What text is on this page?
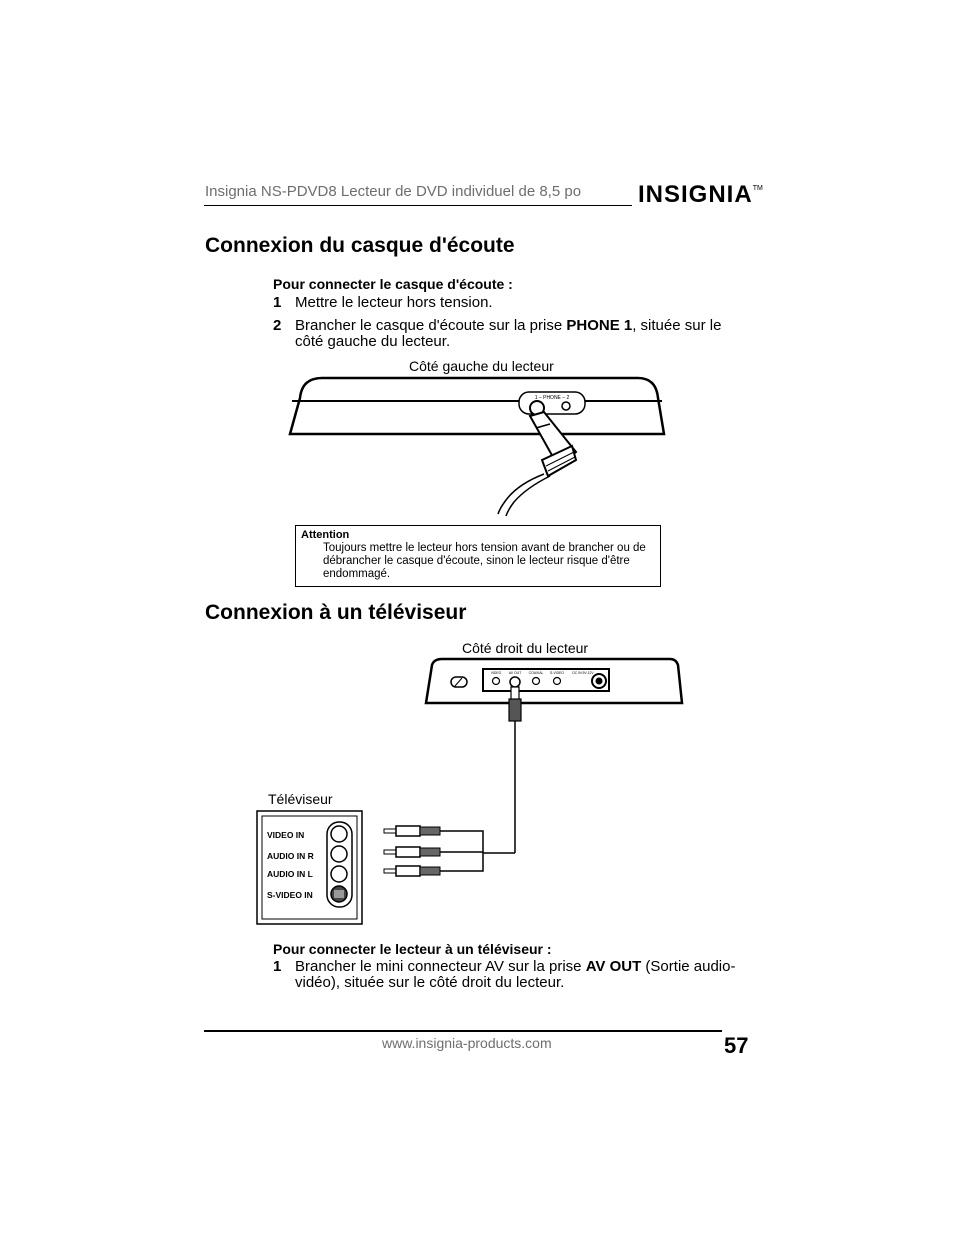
Insignia NS-PDVD8 Lecteur de DVD individuel de 8,5 po INSIGNIA™
Connexion du casque d'écoute
Pour connecter le casque d'écoute :
1 Mettre le lecteur hors tension.
2 Brancher le casque d'écoute sur la prise PHONE 1, située sur le côté gauche du lecteur.
Côté gauche du lecteur
1 – PHONE – 2
Attention
Toujours mettre le lecteur hors tension avant de brancher ou de débrancher le casque d'écoute, sinon le lecteur risque d'être endommagé.
Connexion à un téléviseur
Côté droit du lecteur
Téléviseur
VIDEO AV OUT COAXIAL S-VIDEO DC IN 9V-12V
VIDEO IN
AUDIO IN R
AUDIO IN L
S-VIDEO IN
Pour connecter le lecteur à un téléviseur :
1 Brancher le mini connecteur AV sur la prise AV OUT (Sortie audio-vidéo), située sur le côté droit du lecteur.
www.insignia-products.com	57
